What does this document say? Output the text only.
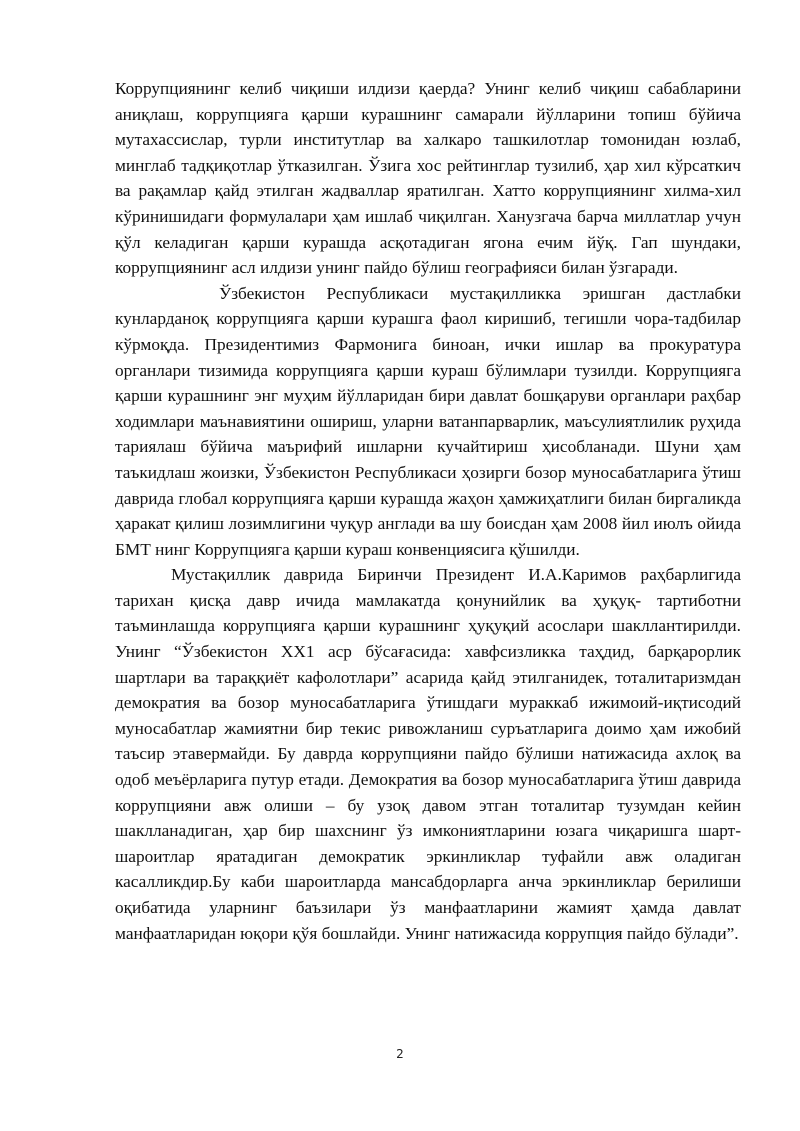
Коррупциянинг келиб чиқиши илдизи қаерда? Унинг келиб чиқиш сабабларини аниқлаш, коррупцияга қарши курашнинг самарали йўлларини топиш бўйича мутахассислар, турли институтлар ва халкаро ташкилотлар томонидан юзлаб, минглаб тадқиқотлар ўтказилган. Ўзига хос рейтинглар тузилиб, ҳар хил кўрсаткич ва рақамлар қайд этилган жадваллар яратилган. Хатто коррупциянинг хилма-хил кўринишидаги формулалари ҳам ишлаб чиқилган. Ханузгача барча миллатлар учун қўл келадиган қарши курашда асқотадиган ягона ечим йўқ. Гап шундаки, коррупциянинг асл илдизи унинг пайдо бўлиш географияси билан ўзгаради.

Ўзбекистон Республикаси мустақилликка эришган дастлабки кунларданоқ коррупцияга қарши курашга фаол киришиб, тегишли чора-тадбилар кўрмоқда. Президентимиз Фармонига биноан, ички ишлар ва прокуратура органлари тизимида коррупцияга қарши кураш бўлимлари тузилди. Коррупцияга қарши курашнинг энг муҳим йўлларидан бири давлат бошқаруви органлари раҳбар ходимлари маънавиятини ошириш, уларни ватанпарварлик, маъсулиятлилик руҳида тариялаш бўйича маърифий ишларни кучайтириш ҳисобланади. Шуни ҳам таъкидлаш жоизки, Ўзбекистон Республикаси ҳозирги бозор муносабатларига ўтиш даврида глобал коррупцияга қарши курашда жаҳон ҳамжиҳатлиги билан биргаликда ҳаракат қилиш лозимлигини чуқур англади ва шу боисдан ҳам 2008 йил июлъ ойида БМТ нинг Коррупцияга қарши кураш конвенциясига қўшилди.

Мустақиллик даврида Биринчи Президент И.А.Каримов раҳбарлигида тарихан қисқа давр ичида мамлакатда қонунийлик ва ҳуқуқ- тартиботни таъминлашда коррупцияга қарши курашнинг ҳуқуқий асослари шакллантирилди. Унинг “Ўзбекистон ХХ1 аср бўсағасида: хавфсизликка таҳдид, барқарорлик шартлари ва тараққиёт кафолотлари” асарида қайд этилганидек, тоталитаризмдан демократия ва бозор муносабатларига ўтишдаги мураккаб ижимоий-иқтисодий муносабатлар жамиятни бир текис ривожланиш суръатларига доимо ҳам ижобий таъсир этавермайди. Бу даврда коррупцияни пайдо бўлиши натижасида ахлоқ ва одоб меъёрларига путур етади. Демократия ва бозор муносабатларига ўтиш даврида коррупцияни авж олиши – бу узоқ давом этган тоталитар тузумдан кейин шаклланадиган, ҳар бир шахснинг ўз имкониятларини юзага чиқаришга шарт-шароитлар яратадиган демократик эркинликлар туфайли авж оладиган касалликдир.Бу каби шароитларда мансабдорларга анча эркинликлар берилиши оқибатида уларнинг баъзилари ўз манфаатларини жамият ҳамда давлат манфаатларидан юқори қўя бошлайди. Унинг натижасида коррупция пайдо бўлади”.

2
